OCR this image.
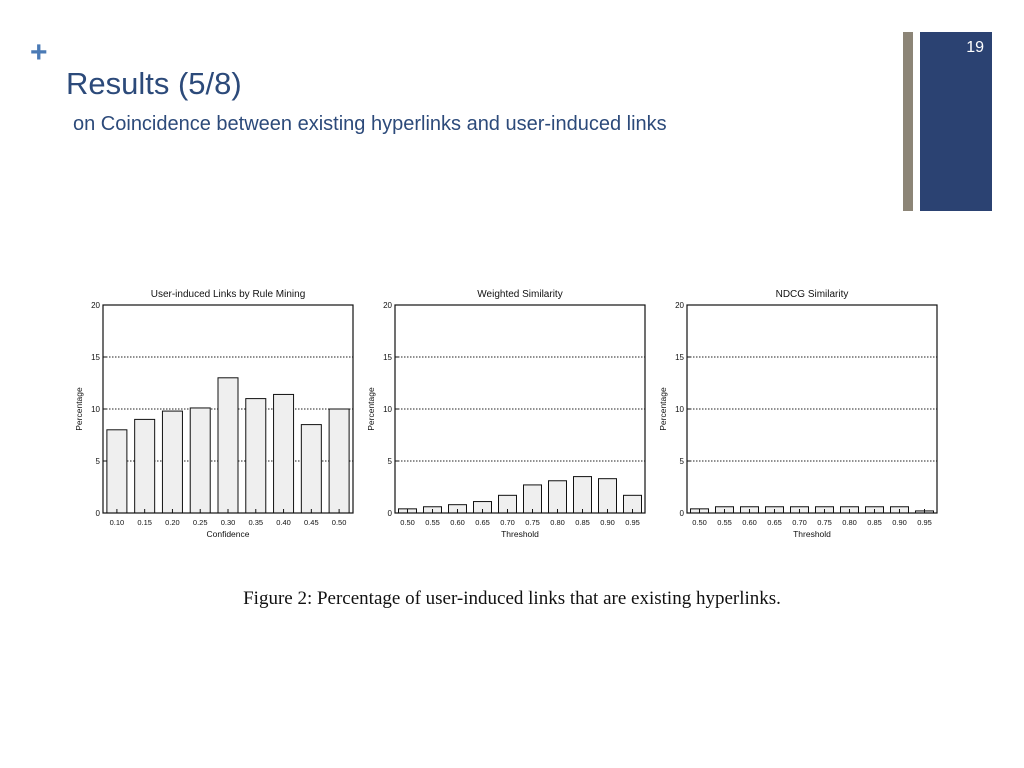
+
Results (5/8)
on Coincidence between existing hyperlinks and user-induced links
19
0
5
10
15
20
0.10 0.15 0.20 0.25 0.30 0.35 0.40 0.45 0.50
User-induced Links by Rule Mining
Confidence
Percentage
0
5
10
15
20
0.50 0.55 0.60 0.65 0.70 0.75 0.80 0.85 0.90 0.95
Weighted Similarity
Threshold
Percentage
0
5
10
15
20
0.50 0.55 0.60 0.65 0.70 0.75 0.80 0.85 0.90 0.95
NDCG Similarity
Threshold
Percentage
Figure 2: Percentage of user-induced links that are existing hyperlinks.
